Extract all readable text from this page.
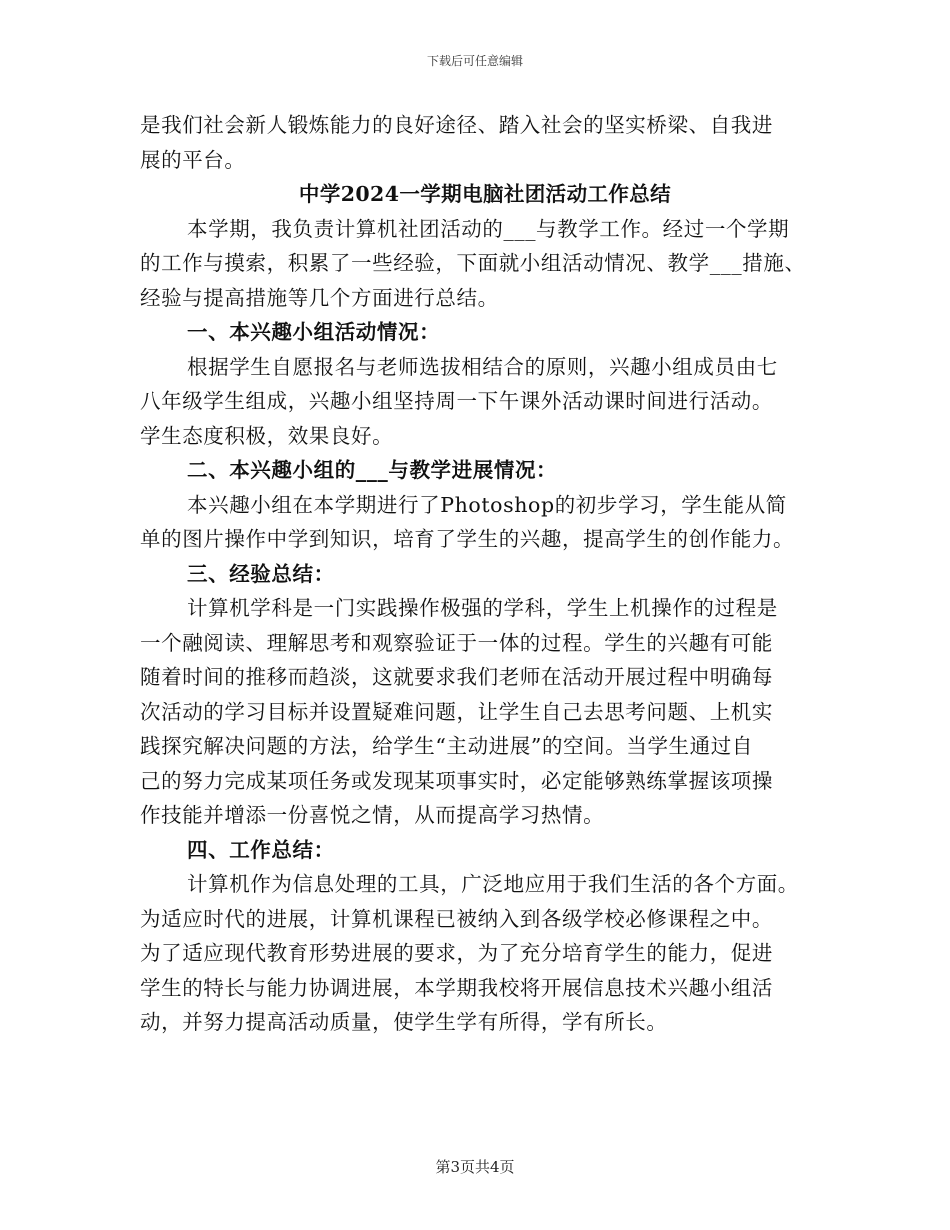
下载后可任意编辑
是我们社会新人锻炼能力的良好途径、踏入社会的坚实桥梁、自我进
展的平台。
中学2024一学期电脑社团活动工作总结
本学期，我负责计算机社团活动的___与教学工作。经过一个学期
的工作与摸索，积累了一些经验，下面就小组活动情况、教学___措施、
经验与提高措施等几个方面进行总结。
一、本兴趣小组活动情况：
根据学生自愿报名与老师选拔相结合的原则，兴趣小组成员由七
八年级学生组成，兴趣小组坚持周一下午课外活动课时间进行活动。
学生态度积极，效果良好。
二、本兴趣小组的___与教学进展情况：
本兴趣小组在本学期进行了Photoshop的初步学习，学生能从简
单的图片操作中学到知识，培育了学生的兴趣，提高学生的创作能力。
三、经验总结：
计算机学科是一门实践操作极强的学科，学生上机操作的过程是
一个融阅读、理解思考和观察验证于一体的过程。学生的兴趣有可能
随着时间的推移而趋淡，这就要求我们老师在活动开展过程中明确每
次活动的学习目标并设置疑难问题，让学生自己去思考问题、上机实
践探究解决问题的方法，给学生“主动进展”的空间。当学生通过自
己的努力完成某项任务或发现某项事实时，必定能够熟练掌握该项操
作技能并增添一份喜悦之情，从而提高学习热情。
四、工作总结：
计算机作为信息处理的工具，广泛地应用于我们生活的各个方面。
为适应时代的进展，计算机课程已被纳入到各级学校必修课程之中。
为了适应现代教育形势进展的要求，为了充分培育学生的能力，促进
学生的特长与能力协调进展，本学期我校将开展信息技术兴趣小组活
动，并努力提高活动质量，使学生学有所得，学有所长。
第3页共4页
